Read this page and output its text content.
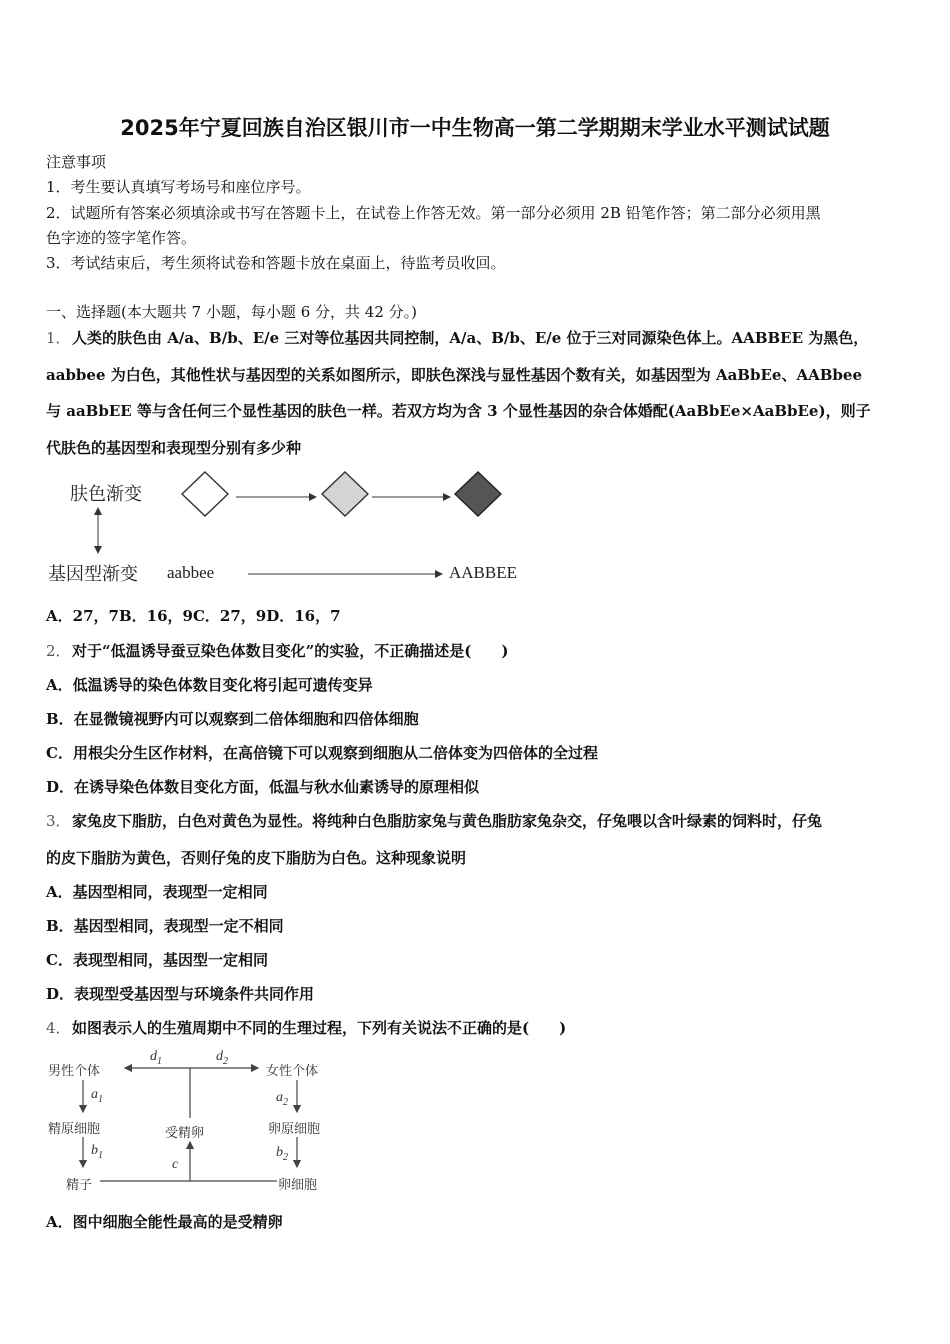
2025年宁夏回族自治区银川市一中生物高一第二学期期末学业水平测试试题
注意事项
1．考生要认真填写考场号和座位序号。
2．试题所有答案必须填涂或书写在答题卡上，在试卷上作答无效。第一部分必须用 2B 铅笔作答；第二部分必须用黑
色字迹的签字笔作答。
3．考试结束后，考生须将试卷和答题卡放在桌面上，待监考员收回。
一、选择题(本大题共 7 小题，每小题 6 分，共 42 分。)
1． 人类的肤色由 A/a、B/b、E/e 三对等位基因共同控制，A/a、B/b、E/e 位于三对同源染色体上。AABBEE 为黑色，
aabbee 为白色，其他性状与基因型的关系如图所示，即肤色深浅与显性基因个数有关，如基因型为 AaBbEe、AABbee
与 aaBbEE 等与含任何三个显性基因的肤色一样。若双方均为含 3 个显性基因的杂合体婚配(AaBbEe×AaBbEe)，则子
代肤色的基因型和表现型分别有多少种
肤色渐变
基因型渐变 aabbee	AABBEE
A．27，7B．16，9C．27，9D．16，7
2． 对于“低温诱导蚕豆染色体数目变化”的实验，不正确描述是(　　)
A．低温诱导的染色体数目变化将引起可遗传变异
B．在显微镜视野内可以观察到二倍体细胞和四倍体细胞
C．用根尖分生区作材料，在高倍镜下可以观察到细胞从二倍体变为四倍体的全过程
D．在诱导染色体数目变化方面，低温与秋水仙素诱导的原理相似
3． 家兔皮下脂肪，白色对黄色为显性。将纯种白色脂肪家兔与黄色脂肪家兔杂交，仔兔喂以含叶绿素的饲料时，仔兔
的皮下脂肪为黄色，否则仔兔的皮下脂肪为白色。这种现象说明
A．基因型相同，表现型一定相同
B．基因型相同，表现型一定不相同
C．表现型相同，基因型一定相同
D．表现型受基因型与环境条件共同作用
4． 如图表示人的生殖周期中不同的生理过程，下列有关说法不正确的是(　　)
男性个体	女性个体
$d_1$	$d_2$
$a_1$	$a_2$
精原细胞	受精卵	卵原细胞
$b_1$	$b_2$
c
精子	卵细胞
A．图中细胞全能性最高的是受精卵
